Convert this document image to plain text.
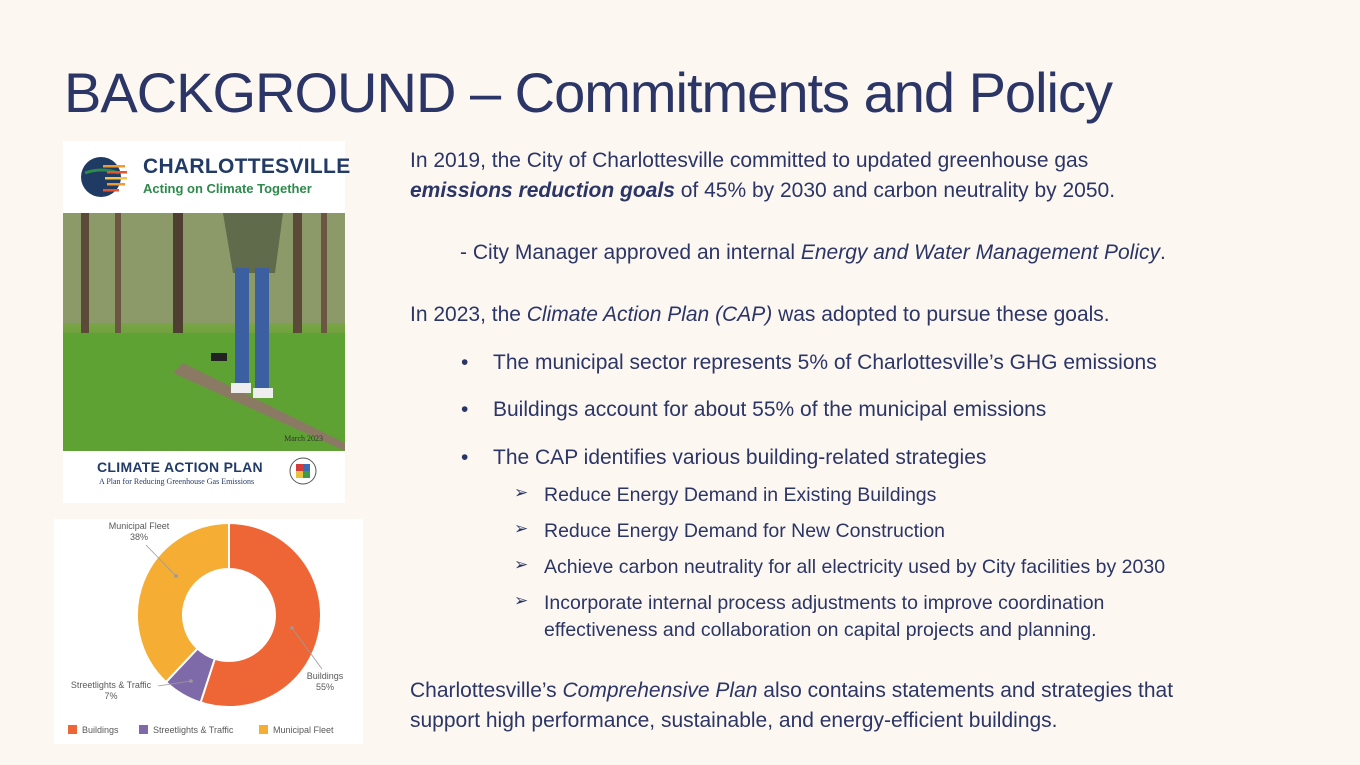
BACKGROUND – Commitments and Policy
CHARLOTTESVILLE
Acting on Climate Together
March 2023
CLIMATE ACTION PLAN
A Plan for Reducing Greenhouse Gas Emissions
Municipal Fleet
38%
Buildings
55%
Streetlights & Traffic
7%
Buildings	Streetlights & Traffic	Municipal Fleet
In 2019, the City of Charlottesville committed to updated greenhouse gas
emissions reduction goals of 45% by 2030 and carbon neutrality by 2050.
- City Manager approved an internal Energy and Water Management Policy.
In 2023, the Climate Action Plan (CAP) was adopted to pursue these goals.
• The municipal sector represents 5% of Charlottesville’s GHG emissions
• Buildings account for about 55% of the municipal emissions
• The CAP identifies various building-related strategies
➢ Reduce Energy Demand in Existing Buildings
➢ Reduce Energy Demand for New Construction
➢ Achieve carbon neutrality for all electricity used by City facilities by 2030
➢ Incorporate internal process adjustments to improve coordination
effectiveness and collaboration on capital projects and planning.
Charlottesville’s Comprehensive Plan also contains statements and strategies that
support high performance, sustainable, and energy-efficient buildings.
